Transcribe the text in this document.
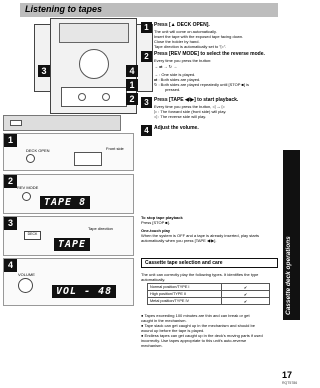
Listening to tapes
Cassette deck operations
3	4
1
2
1
DECK OPEN	Front side
2
REV MODE
TAPE 8
3
Tape direction
DECK
TAPE
4
VOLUME
VOL - 48
1	Press [▲ DECK OPEN].
The unit will come on automatically.
Insert the tape with the exposed tape facing down.
Close the holder by hand.
Tape direction is automatically set to "▷".
2	Press [REV MODE] to select the reverse mode.
Every time you press the button:
→ ⇄ → ↻ →
→ : One side is played.
⇄ : Both sides are played.
↻ : Both sides are played repeatedly until [STOP ■] is
pressed.
3	Press [TAPE ◀/▶] to start playback.
Every time you press the button, ◁ ↔ ▷
▷ : The forward side (front side) will play.
◁ : The reverse side will play.
4	Adjust the volume.
To stop tape playback
Press [STOP ■].
One-touch play
When the system is OFF and a tape is already inserted, play starts
automatically when you press [TAPE ◀/▶].
Cassette tape selection and care
The unit can correctly play the following types. It identifies the type
automatically.
Normal position/TYPE I	✔
High position/TYPE II	✔
Metal position/TYPE IV	✔
● Tapes exceeding 100 minutes are thin and can break or get
caught in the mechanism.
● Tape slack can get caught up in the mechanism and should be
wound up before the tape is played.
● Endless tapes can get caught up in the deck's moving parts if used
incorrectly. Use tapes appropriate to this unit's auto-reverse
mechanism.
17
RQT5786
